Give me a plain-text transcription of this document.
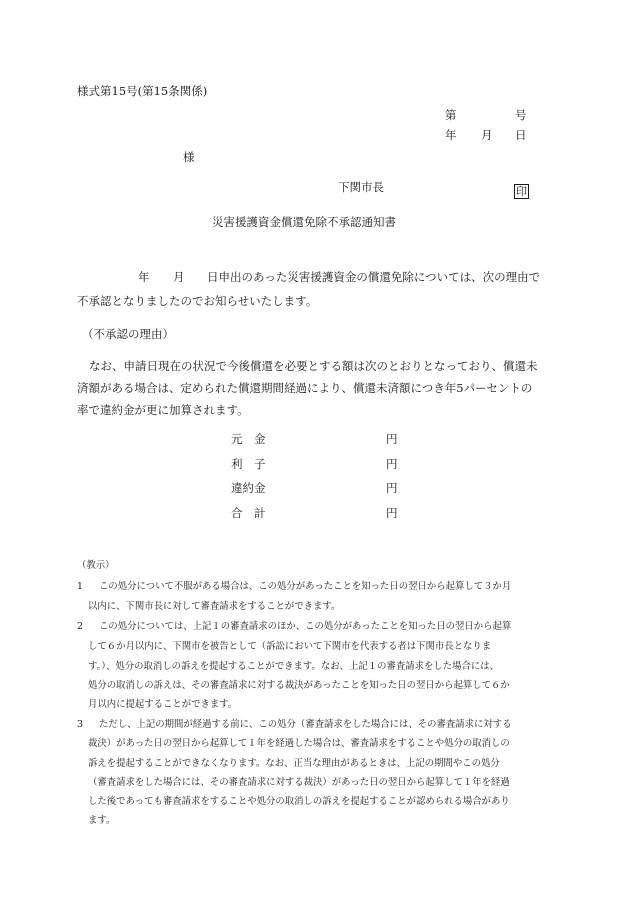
様式第15号(第15条関係)
第	号
年 月 日
様
下関市長	印
災害援護資金償還免除不承認通知書
年 月 日申出のあった災害援護資金の償還免除については、次の理由で
不承認となりましたのでお知らせいたします。
（不承認の理由）
なお、申請日現在の状況で今後償還を必要とする額は次のとおりとなっており、償還未
済額がある場合は、定められた償還期間経過により、償還未済額につき年5パーセントの
率で違約金が更に加算されます。
元　金	円
利　子	円
違約金	円
合　計	円
（教示）
1 この処分について不服がある場合は、この処分があったことを知った日の翌日から起算して３か月
以内に、下関市長に対して審査請求をすることができます。
2 この処分については、上記１の審査請求のほか、この処分があったことを知った日の翌日から起算
して６か月以内に、下関市を被告として（訴訟において下関市を代表する者は下関市長となりま
す。）、処分の取消しの訴えを提起することができます。なお、上記１の審査請求をした場合には、
処分の取消しの訴えは、その審査請求に対する裁決があったことを知った日の翌日から起算して６か
月以内に提起することができます。
3 ただし、上記の期間が経過する前に、この処分（審査請求をした場合には、その審査請求に対する
裁決）があった日の翌日から起算して１年を経過した場合は、審査請求をすることや処分の取消しの
訴えを提起することができなくなります。なお、正当な理由があるときは、上記の期間やこの処分
（審査請求をした場合には、その審査請求に対する裁決）があった日の翌日から起算して１年を経過
した後であっても審査請求をすることや処分の取消しの訴えを提起することが認められる場合があり
ます。
